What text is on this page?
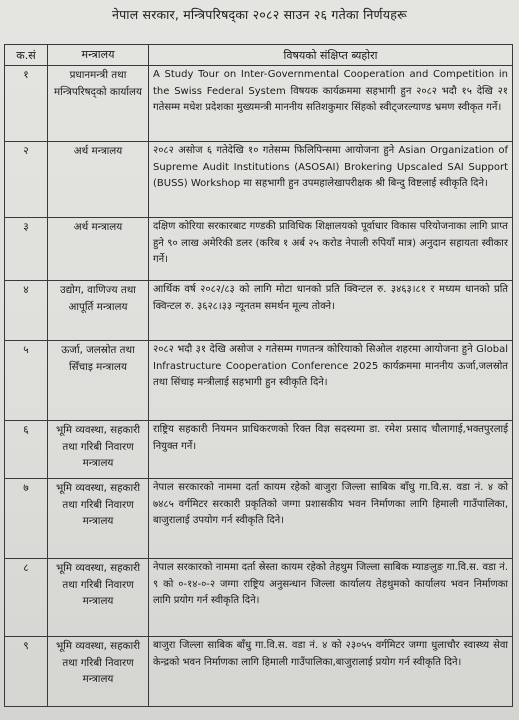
नेपाल सरकार, मन्त्रिपरिषद्का २०८२ साउन २६ गतेका निर्णयहरू
क.सं	मन्त्रालय	विषयको संक्षिप्त ब्यहोरा

१	प्रधानमन्त्री तथा मन्त्रिपरिषद्को कार्यालय	A Study Tour on Inter-Governmental Cooperation and Competition in the Swiss Federal System विषयक कार्यक्रममा सहभागी हुन २०८२ भदौ १५ देखि २१ गतेसम्म मधेश प्रदेशका मुख्यमन्त्री माननीय सतिशकुमार सिंहको स्वीट्जरल्याण्ड भ्रमण स्वीकृत गर्ने।

२	अर्थ मन्त्रालय	२०८२ असोज ६ गतेदेखि १० गतेसम्म फिलिपिन्समा आयोजना हुने Asian Organization of Supreme Audit Institutions (ASOSAI) Brokering Upscaled SAI Support (BUSS) Workshop मा सहभागी हुन उपमहालेखापरीक्षक श्री बिन्दु विष्टलाई स्वीकृति दिने।

३	अर्थ मन्त्रालय	दक्षिण कोरिया सरकारबाट गण्डकी प्राविधिक शिक्षालयको पूर्वाधार विकास परियोजनाका लागि प्राप्त हुने ९० लाख अमेरिकी डलर (करिब १ अर्ब २५ करोड नेपाली रुपियाँ मात्र) अनुदान सहायता स्वीकार गर्ने।

४	उद्योग, वाणिज्य तथा आपूर्ति मन्त्रालय	आर्थिक वर्ष २०८२/८३ को लागि मोटा धानको प्रति क्विन्टल रु. ३४६३।८१ र मध्यम धानको प्रति क्विन्टल रु. ३६२८।३३ न्यूनतम समर्थन मूल्य तोक्ने।

५	ऊर्जा, जलस्रोत तथा सिँचाइ मन्त्रालय	२०८२ भदौ ३१ देखि असोज २ गतेसम्म गणतन्त्र कोरियाको सिओल शहरमा आयोजना हुने Global Infrastructure Cooperation Conference 2025 कार्यक्रममा माननीय ऊर्जा,जलस्रोत तथा सिंचाइ मन्त्रीलाई सहभागी हुन स्वीकृति दिने।

६	भूमि व्यवस्था, सहकारी तथा गरिबी निवारण मन्त्रालय	राष्ट्रिय सहकारी नियमन प्राधिकरणको रिक्त विज्ञ सदस्यमा डा. रमेश प्रसाद चौलागाई,भक्तपुरलाई नियुक्त गर्ने।

७	भूमि व्यवस्था, सहकारी तथा गरिबी निवारण मन्त्रालय	नेपाल सरकारको नाममा दर्ता कायम रहेको बाजुरा जिल्ला साबिक बाँधु गा.वि.स. वडा नं. ४ को ७४८५ वर्गमिटर सरकारी प्रकृतिको जग्गा प्रशासकीय भवन निर्माणका लागि हिमाली गाउँपालिका, बाजुरालाई उपयोग गर्न स्वीकृति दिने।

८	भूमि व्यवस्था, सहकारी तथा गरिबी निवारण मन्त्रालय	नेपाल सरकारको नाममा दर्ता स्रेस्ता कायम रहेको तेहथुम जिल्ला साबिक म्याङलुङ गा.वि.स. वडा नं. ९ को ०-१४-०-२ जग्गा राष्ट्रिय अनुसन्धान जिल्ला कार्यालय तेहथुमको कार्यालय भवन निर्माणका लागि प्रयोग गर्न स्वीकृति दिने।

९	भूमि व्यवस्था, सहकारी तथा गरिबी निवारण मन्त्रालय	बाजुरा जिल्ला साबिक बाँधु गा.वि.स. वडा नं. ४ को २३०५५ वर्गमिटर जग्गा धुलाचौर स्वास्थ्य सेवा केन्द्रको भवन निर्माणका लागि हिमाली गाउँपालिका,बाजुरालाई प्रयोग गर्न स्वीकृति दिने।
